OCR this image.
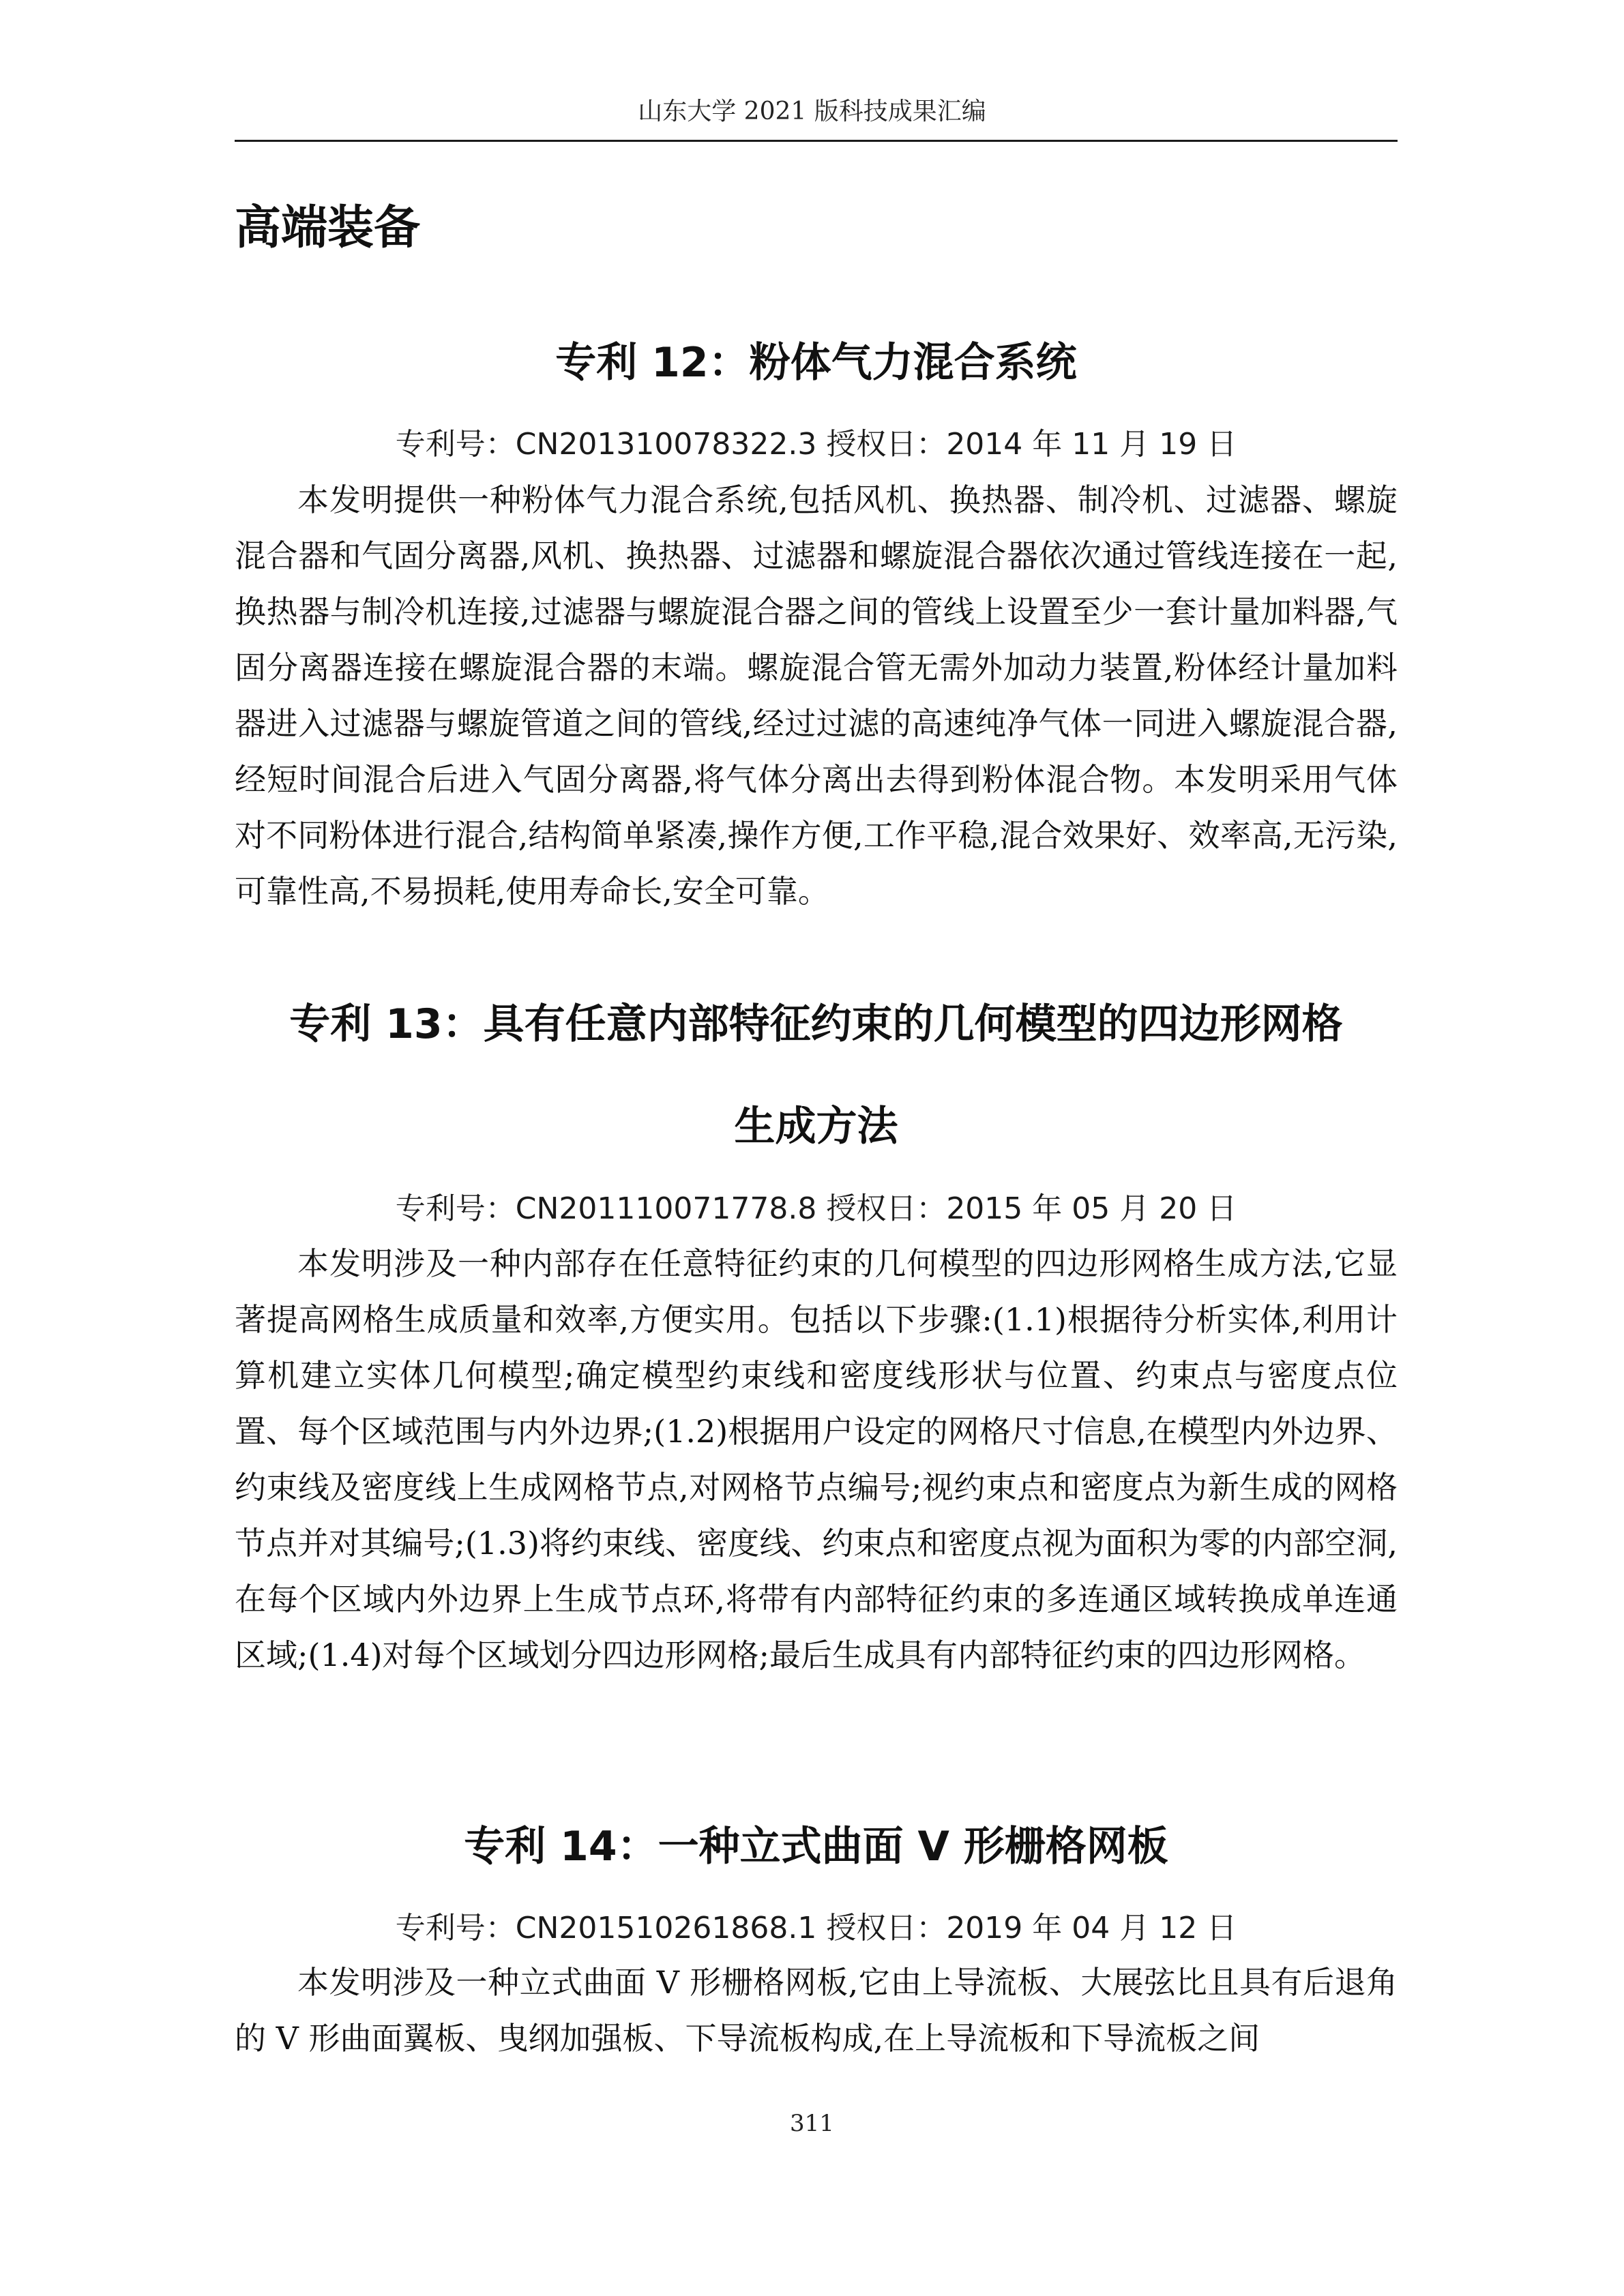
山东大学 2021 版科技成果汇编
高端装备
专利 12：粉体气力混合系统
专利号：CN201310078322.3 授权日：2014 年 11 月 19 日

本发明提供一种粉体气力混合系统,包括风机、换热器、制冷机、过滤器、螺旋混合器和气固分离器,风机、换热器、过滤器和螺旋混合器依次通过管线连接在一起,换热器与制冷机连接,过滤器与螺旋混合器之间的管线上设置至少一套计量加料器,气固分离器连接在螺旋混合器的末端。螺旋混合管无需外加动力装置,粉体经计量加料器进入过滤器与螺旋管道之间的管线,经过过滤的高速纯净气体一同进入螺旋混合器,经短时间混合后进入气固分离器,将气体分离出去得到粉体混合物。本发明采用气体对不同粉体进行混合,结构简单紧凑,操作方便,工作平稳,混合效果好、效率高,无污染,可靠性高,不易损耗,使用寿命长,安全可靠。

专利 13：具有任意内部特征约束的几何模型的四边形网格
生成方法
专利号：CN201110071778.8 授权日：2015 年 05 月 20 日

本发明涉及一种内部存在任意特征约束的几何模型的四边形网格生成方法,它显著提高网格生成质量和效率,方便实用。包括以下步骤:(1.1)根据待分析实体,利用计算机建立实体几何模型;确定模型约束线和密度线形状与位置、约束点与密度点位置、每个区域范围与内外边界;(1.2)根据用户设定的网格尺寸信息,在模型内外边界、约束线及密度线上生成网格节点,对网格节点编号;视约束点和密度点为新生成的网格节点并对其编号;(1.3)将约束线、密度线、约束点和密度点视为面积为零的内部空洞,在每个区域内外边界上生成节点环,将带有内部特征约束的多连通区域转换成单连通区域;(1.4)对每个区域划分四边形网格;最后生成具有内部特征约束的四边形网格。

专利 14：一种立式曲面 V 形栅格网板
专利号：CN201510261868.1 授权日：2019 年 04 月 12 日

本发明涉及一种立式曲面 V 形栅格网板,它由上导流板、大展弦比且具有后退角的 V 形曲面翼板、曳纲加强板、下导流板构成,在上导流板和下导流板之间

311
